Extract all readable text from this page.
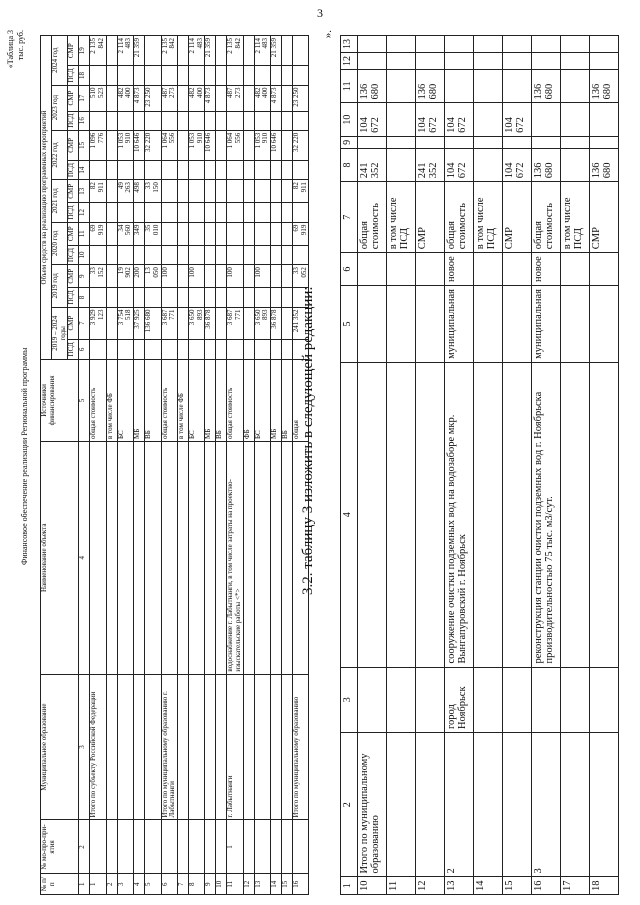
3
«Таблица 3 тыс. руб.
Финансовое обеспечение реализации Региональной программы
№ п/п	№ мо-про-при-ятия	Муниципальное образование	Наименование объекта	Источники финансирования	Объем средств на реализацию программных мероприятий													
					2019 – 2024 годы		2019 год		2020 год		2021 год		2022 год		2023 год		2024 год	
					ПСД	СМР	ПСД	СМР	ПСД	СМР	ПСД	СМР	ПСД	СМР	ПСД	СМР	ПСД	СМР
1	2	3	4	5	6	7	8	9	10	11	12	13	14	15	16	17	18	19
1		Итого по субъекту Российской Федерации		общая стоимость		3 929 123		33 152		69 919		82 911		1 096 776		510 523		2 135 842
2				в том числе ФБ														
3				БС		3 754 518		19 902		34 560		49 263		1 053 910		482 400		2 114 483
4				МБ		37 925		200		349		498		10 646		4 873		21 359
5				ВБ		136 680		13 050		35 010		33 150		32 220		23 250		
6		Итого по муниципальному образованию г. Лабытнанги		общая стоимость		3 687 771		100						1 064 556		487 273		2 135 842
7				в том числе ФБ														
8				БС		3 650 893		100						1 053 910		482 400		2 114 483
9				МБ		36 878								10 646		4 873		21 359
10				ВБ														
11	1	г. Лабытнанги	водоснабжение г. Лабытнанги, в том числе затраты на проектно-изыскательские работы <*>	общая стоимость		3 687 771		100						1 064 556		487 273		2 135 842
12				ФБ														
13				БС		3 650 893		100						1 053 910		482 400		2 114 483
14				МБ		36 878								10 646		4 873		21 359
15				ВБ														
16		Итого по муниципальному образованию		общая		241 352		33 052		69 919		82 911		32 220		23 250		
3.2. таблицу 3 изложить в следующей редакции:
».
1	2	3	4	5	6	7	8	9	10	11	12	13
10	Итого по муниципальному образованию					общая стоимость	241 352		104 672	136 680		
11						в том числе ПСД						
12						СМР	241 352		104 672	136 680		
13	2	город Ноябрьск	сооружение очистки подземных вод на водозаборе мкр. Вынгапуровский г. Ноябрьск	муниципальная	новое	общая стоимость	104 672		104 672			
14						в том числе ПСД						
15						СМР	104 672		104 672			
16	3		реконструкция станции очистки подземных вод г. Ноябрьска производительностью 75 тыс. м3/сут.	муниципальная	новое	общая стоимость	136 680			136 680		
17						в том числе ПСД						
18						СМР	136 680			136 680		
